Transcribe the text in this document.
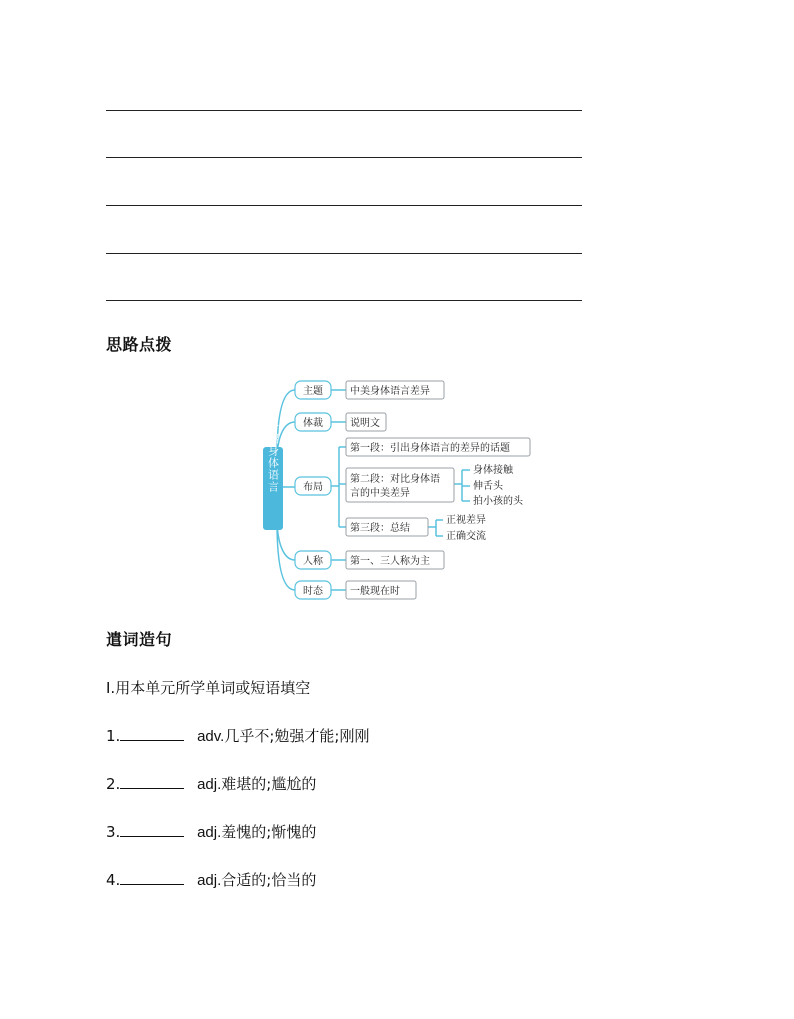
思路点拨
介绍身体语言
主题
体裁
布局
人称
时态
中美身体语言差异
说明文
第一段：引出身体语言的差异的话题
第二段：对比身体语
言的中美差异
第三段：总结
第一、三人称为主
一般现在时
身体接触
伸舌头
拍小孩的头
正视差异
正确交流
遣词造句
Ⅰ.用本单元所学单词或短语填空
1.	adv.几乎不;勉强才能;刚刚
2.	adj.难堪的;尴尬的
3.	adj.羞愧的;惭愧的
4.	adj.合适的;恰当的
